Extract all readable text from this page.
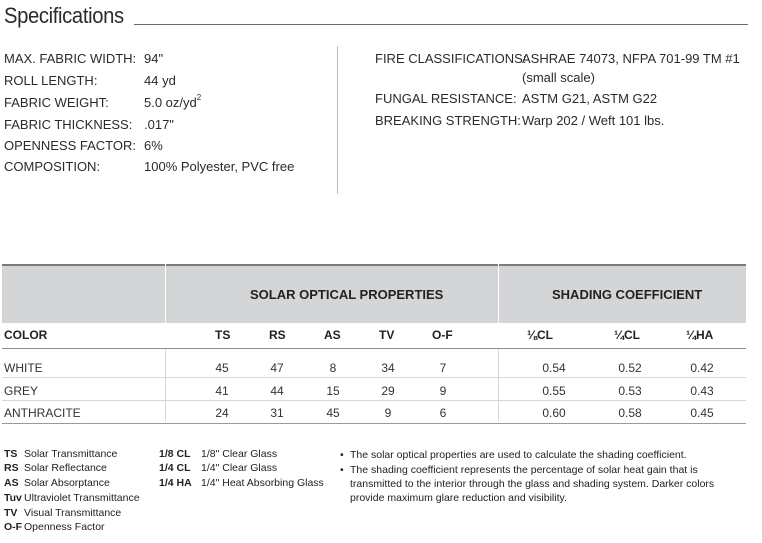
Specifications
MAX. FABRIC WIDTH: 94"
ROLL LENGTH:	44 yd
FABRIC WEIGHT:	5.0 $oz/yd^2$
FABRIC THICKNESS: .017"
OPENNESS FACTOR: 6%
COMPOSITION:	100% Polyester, PVC free
FIRE CLASSIFICATIONS:
ASHRAE 74073, NFPA 701-99 TM #1
(small scale)
FUNGAL RESISTANCE: ASTM G21, ASTM G22
BREAKING STRENGTH: Warp 202 / Weft 101 lbs.
SOLAR OPTICAL PROPERTIES	SHADING COEFFICIENT
COLOR	TS	RS	AS	TV	O-F	⅛CL	¼CL	¼HA
WHITE	45	47	8	34	7	0.54	0.52	0.42
GREY	41	44	15	29	9	0.55	0.53	0.43
ANTHRACITE	24	31	45	9	6	0.60	0.58	0.45
TS Solar Transmittance
RS Solar Reflectance
AS Solar Absorptance
Tuv Ultraviolet Transmittance
TV Visual Transmittance
O-F Openness Factor
1/8 CL 1/8" Clear Glass
1/4 CL 1/4" Clear Glass
1/4 HA 1/4" Heat Absorbing Glass
• The solar optical properties are used to calculate the shading coefficient.
• The shading coefficient represents the percentage of solar heat gain that is transmitted to the interior through the glass and shading system. Darker colors provide maximum glare reduction and visibility.
